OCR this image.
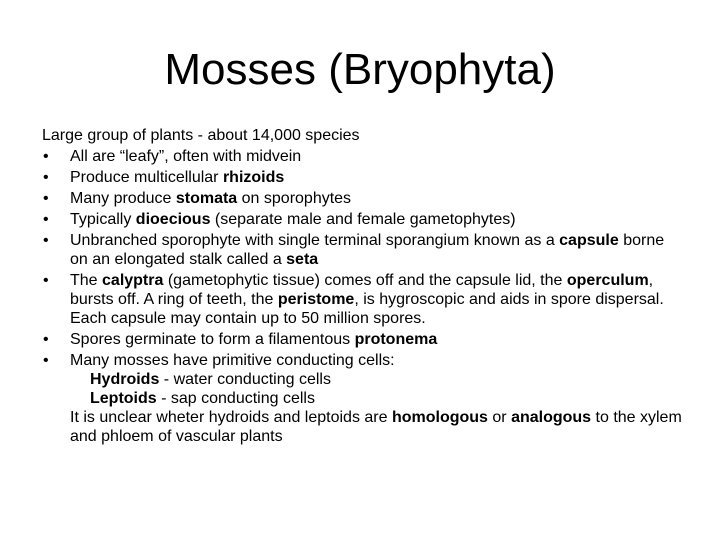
Mosses (Bryophyta)

Large group of plants - about 14,000 species

• All are “leafy”, often with midvein
• Produce multicellular rhizoids
• Many produce stomata on sporophytes
• Typically dioecious (separate male and female gametophytes)
• Unbranched sporophyte with single terminal sporangium known as a capsule borne on an elongated stalk called a seta
• The calyptra (gametophytic tissue) comes off and the capsule lid, the operculum, bursts off. A ring of teeth, the peristome, is hygroscopic and aids in spore dispersal. Each capsule may contain up to 50 million spores.
• Spores germinate to form a filamentous protonema
• Many mosses have primitive conducting cells:
Hydroids - water conducting cells
Leptoids - sap conducting cells
It is unclear wheter hydroids and leptoids are homologous or analogous to the xylem and phloem of vascular plants
